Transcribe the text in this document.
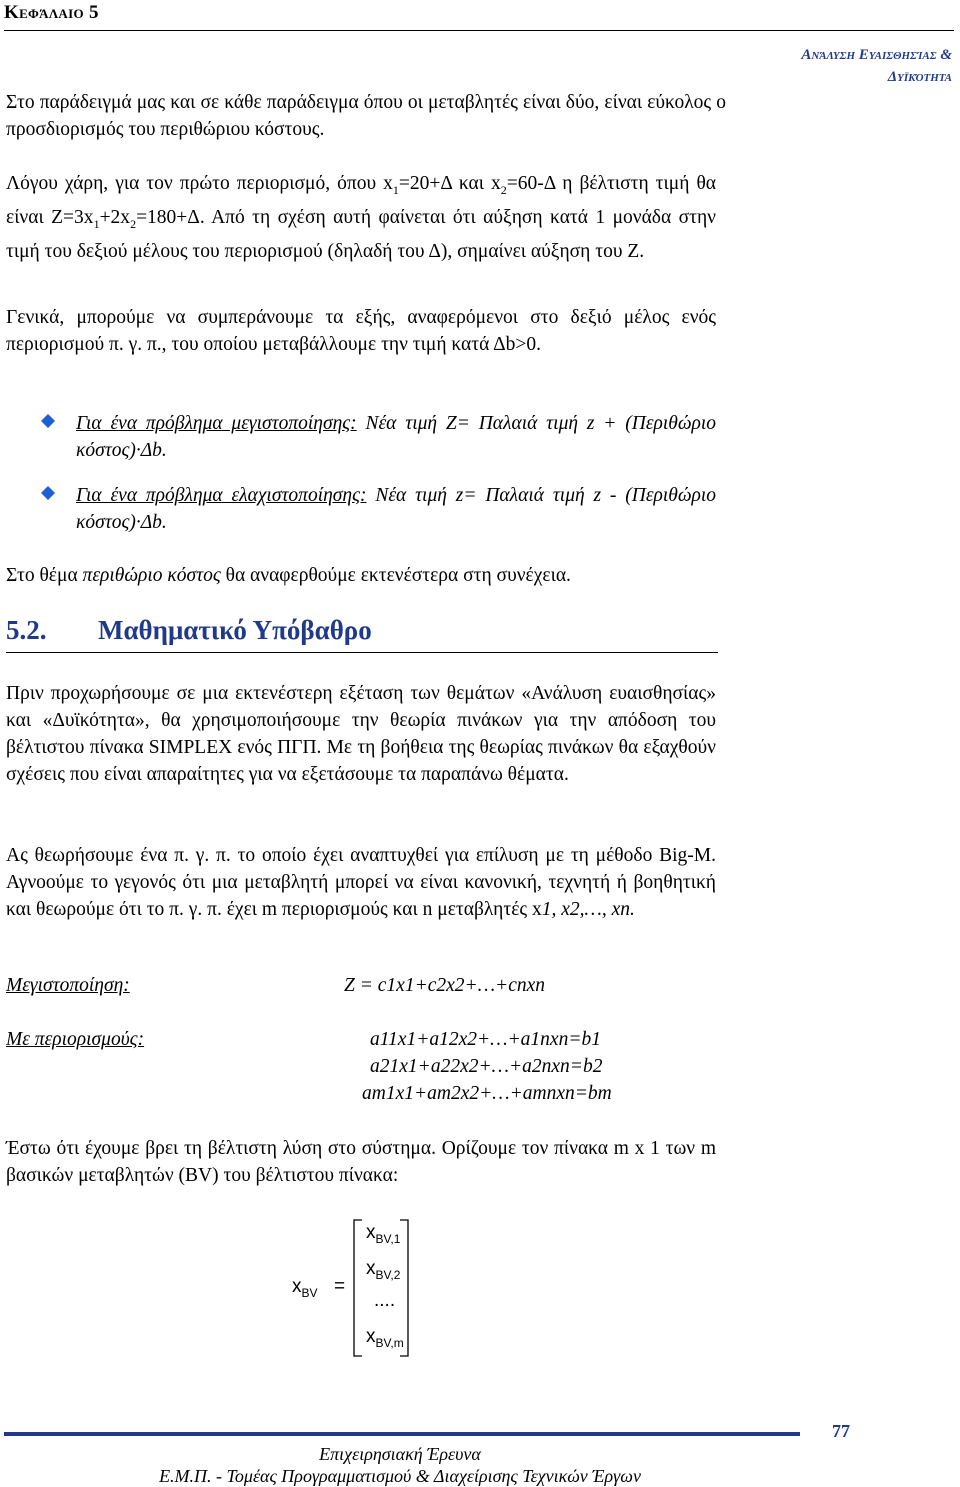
Κεφάλαιο 5
Ανάλυση Ευαισθησίας &
Δυϊκότητα
Στο παράδειγμά μας και σε κάθε παράδειγμα όπου οι μεταβλητές είναι δύο, είναι εύκολος ο προσδιορισμός του περιθώριου κόστους.
Λόγου χάρη, για τον πρώτο περιορισμό, όπου $x_1=20+\Delta$ και $x_2=60-\Delta$ η βέλτιστη τιμή θα είναι $Z=3x_1+2x_2=180+\Delta$. Από τη σχέση αυτή φαίνεται ότι αύξηση κατά 1 μονάδα στην τιμή του δεξιού μέλους του περιορισμού (δηλαδή του Δ), σημαίνει αύξηση του Z.
Γενικά, μπορούμε να συμπεράνουμε τα εξής, αναφερόμενοι στο δεξιό μέλος ενός περιορισμού π. γ. π., του οποίου μεταβάλλουμε την τιμή κατά Δb>0.
Για ένα πρόβλημα μεγιστοποίησης: Νέα τιμή Z= Παλαιά τιμή z + (Περιθώριο κόστος)·Δb.
Για ένα πρόβλημα ελαχιστοποίησης: Νέα τιμή z= Παλαιά τιμή z - (Περιθώριο κόστος)·Δb.
Στο θέμα περιθώριο κόστος θα αναφερθούμε εκτενέστερα στη συνέχεια.
5.2. Μαθηματικό Υπόβαθρο
Πριν προχωρήσουμε σε μια εκτενέστερη εξέταση των θεμάτων «Ανάλυση ευαισθησίας» και «Δυϊκότητα», θα χρησιμοποιήσουμε την θεωρία πινάκων για την απόδοση του βέλτιστου πίνακα SIMPLEX ενός ΠΓΠ. Με τη βοήθεια της θεωρίας πινάκων θα εξαχθούν σχέσεις που είναι απαραίτητες για να εξετάσουμε τα παραπάνω θέματα.
Ας θεωρήσουμε ένα π. γ. π. το οποίο έχει αναπτυχθεί για επίλυση με τη μέθοδο Big-M. Αγνοούμε το γεγονός ότι μια μεταβλητή μπορεί να είναι κανονική, τεχνητή ή βοηθητική και θεωρούμε ότι το π. γ. π. έχει m περιορισμούς και n μεταβλητές x1, x2,…, xn.
Μεγιστοποίηση:	Z = c1x1+c2x2+…+cnxn
Με περιορισμούς:	a11x1+a12x2+…+a1nxn=b1
a21x1+a22x2+…+a2nxn=b2
am1x1+am2x2+…+amnxn=bm
Έστω ότι έχουμε βρει τη βέλτιστη λύση στο σύστημα. Ορίζουμε τον πίνακα m x 1 των m βασικών μεταβλητών (BV) του βέλτιστου πίνακα:
$x_{BV}$ =
$x_{BV,1}$
$x_{BV,2}$
....
$x_{BV,m}$
77
Επιχειρησιακή Έρευνα
Ε.Μ.Π. - Τομέας Προγραμματισμού & Διαχείρισης Τεχνικών Έργων
